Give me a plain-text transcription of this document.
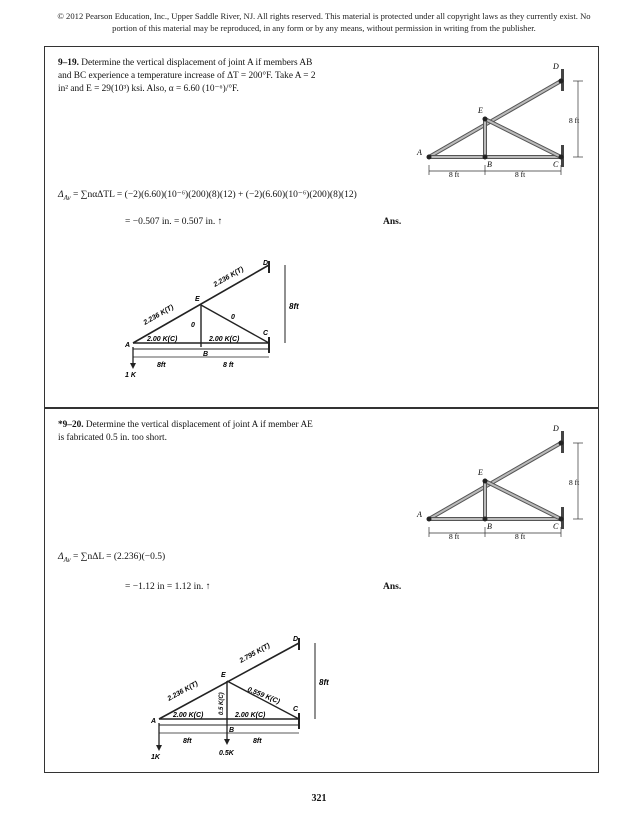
© 2012 Pearson Education, Inc., Upper Saddle River, NJ. All rights reserved. This material is protected under all copyright laws as they currently exist. No portion of this material may be reproduced, in any form or by any means, without permission in writing from the publisher.
9–19. Determine the vertical displacement of joint A if members AB and BC experience a temperature increase of ΔT = 200°F. Take A = 2 in² and E = 29(10³) ksi. Also, α = 6.60 (10⁻⁶)/°F.
D
E
A
B	C
8 ft	8 ft
8 ft
$\Delta_{Av} = \sum n\alpha\Delta TL = (-2)(6.60)(10^{-6})(200)(8)(12) + (-2)(6.60)(10^{-6})(200)(8)(12)$
= −0.507 in. = 0.507 in. ↑	Ans.
D
E
A
B
C
2.236 K(T)
2.236 K(T) 0
0
2.00 K(C)	2.00 K(C)
8ft
8ft	8 ft
1 K
*9–20. Determine the vertical displacement of joint A if member AE is fabricated 0.5 in. too short.
D
E
A
B	C
8 ft	8 ft
8 ft
$\Delta_{Av} = \sum n\Delta L = (2.236)(-0.5)$
= −1.12 in = 1.12 in. ↑	Ans.
D
E
A
B
C
2.795 K(T)
2.236 K(T)
0.5 K(C)	0.559 K(C)
2.00 K(C)	2.00 K(C)
8ft
8ft	8ft
1K
0.5K
321
